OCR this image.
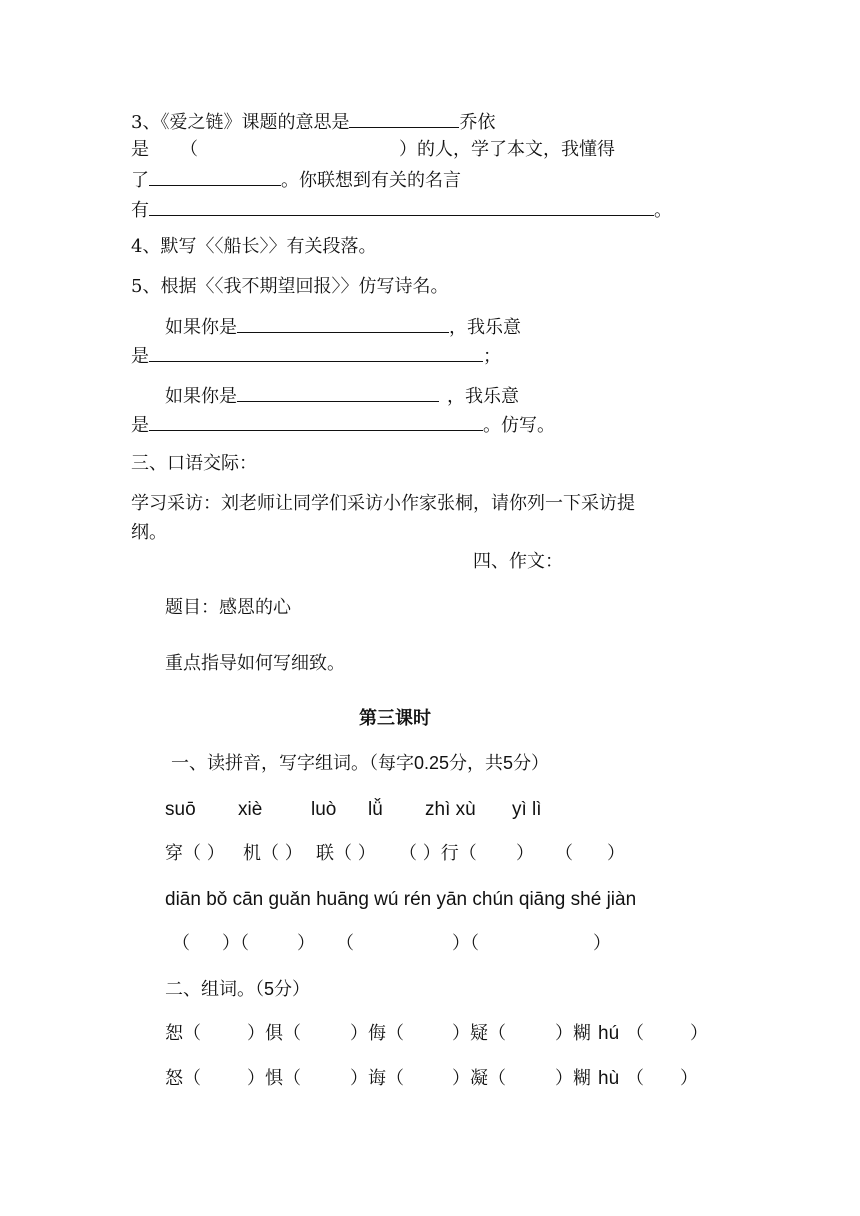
3、《爱之链》课题的意思是	乔依
是 （	）的人，学了本文，我懂得
了	。你联想到有关的名言
有	。
4、默写〈〈船长〉〉有关段落。
5、根据〈〈我不期望回报〉〉仿写诗名。
如果你是	，我乐意
是	；
如果你是	，我乐意
是	。仿写。
三、口语交际：
学习采访：刘老师让同学们采访小作家张桐，请你列一下采访提
纲。
四、作文：
题目：感恩的心
重点指导如何写细致。
第三课时
一、读拼音，写字组词。（每字0.25分，共5分）
suō xiè	luò lǚ zhì xù yì lì
穿（ ） 机（ ） 联（ ） （ ）行（ ） （ ）
diān bǒ cān guǎn huāng wú rén yān chún qiāng shé jiàn
（ ）（	） （	）（	）
二、组词。（5分）
恕（	）俱（	）侮（	）疑（	）糊 hú （	）
怒（	）惧（	）诲（	）凝（	）糊 hù （ ）
